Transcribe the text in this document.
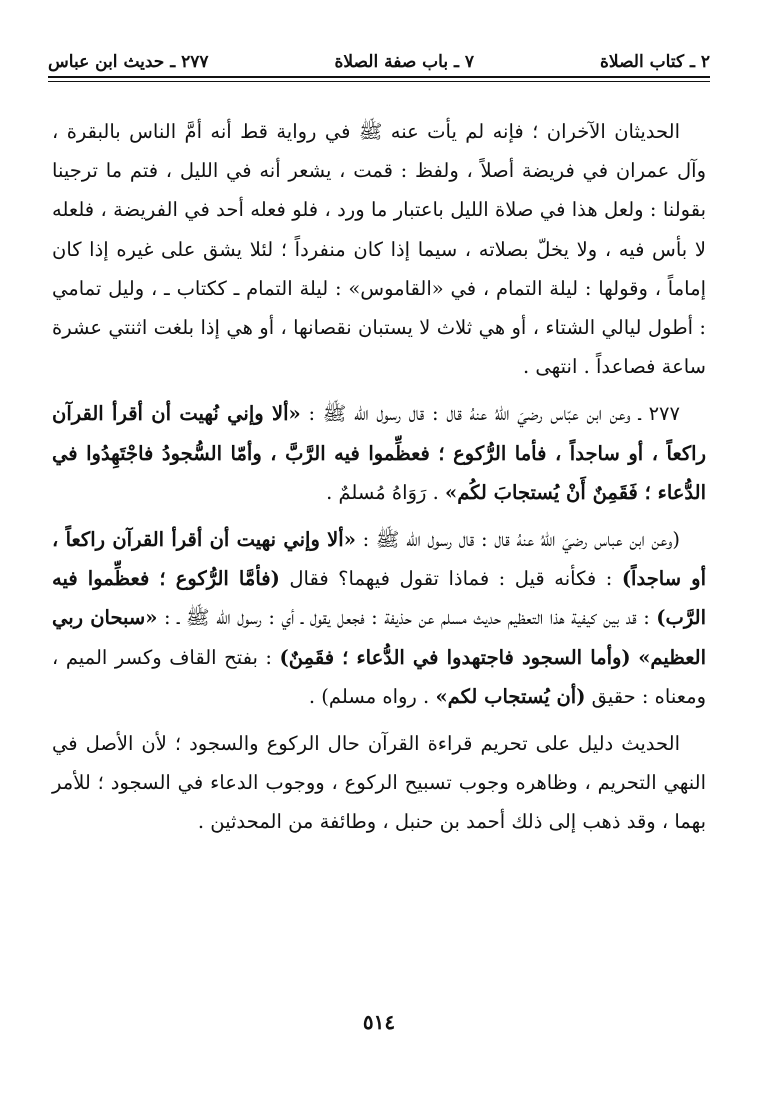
٢ ـ كتاب الصلاة
٧ ـ باب صفة الصلاة
٢٧٧ ـ حديث ابن عباس

الحديثان الآخران ؛ فإنه لم يأت عنه ﷺ في رواية قط أنه أمَّ الناس بالبقرة ، وآل عمران في فريضة أصلاً ، ولفظ : قمت ، يشعر أنه في الليل ، فتم ما ترجينا بقولنا : ولعل هذا في صلاة الليل باعتبار ما ورد ، فلو فعله أحد في الفريضة ، فلعله لا بأس فيه ، ولا يخلّ بصلاته ، سيما إذا كان منفرداً ؛ لئلا يشق على غيره إذا كان إماماً ، وقولها : ليلة التمام ، في «القاموس» : ليلة التمام ـ ككتاب ـ ، وليل تمامي : أطول ليالي الشتاء ، أو هي ثلاث لا يستبان نقصانها ، أو هي إذا بلغت اثنتي عشرة ساعة فصاعداً . انتهى .

٢٧٧ ـ وعن ابن عبّاس رضيَ اللهُ عنهُ قال : قال رسول الله ﷺ : «ألا وإني نُهيت أن أقرأ القرآن راكعاً ، أو ساجداً ، فأما الرُّكوع ؛ فعظِّموا فيه الرَّبَّ ، وأمّا السُّجودُ فاجْتَهِدُوا في الدُّعاء ؛ فَقَمِنٌ أَنْ يُستجابَ لكُم» . رَوَاهُ مُسلمٌ .

(وعن ابن عباس رضيَ اللهُ عنهُ قال : قال رسول الله ﷺ : «ألا وإني نهيت أن أقرأ القرآن راكعاً ، أو ساجداً) : فكأنه قيل : فماذا تقول فيهما؟ فقال (فأمَّا الرُّكوع ؛ فعظِّموا فيه الرَّب) : قد بين كيفية هذا التعظيم حديث مسلم عن حذيفة : فجعل يقول ـ أي : رسول الله ﷺ ـ : «سبحان ربي العظيم» (وأما السجود فاجتهدوا في الدُّعاء ؛ فقَمِنٌ) : بفتح القاف وكسر الميم ، ومعناه : حقيق (أن يُستجاب لكم» . رواه مسلم) .

الحديث دليل على تحريم قراءة القرآن حال الركوع والسجود ؛ لأن الأصل في النهي التحريم ، وظاهره وجوب تسبيح الركوع ، ووجوب الدعاء في السجود ؛ للأمر بهما ، وقد ذهب إلى ذلك أحمد بن حنبل ، وطائفة من المحدثين .

٥١٤
